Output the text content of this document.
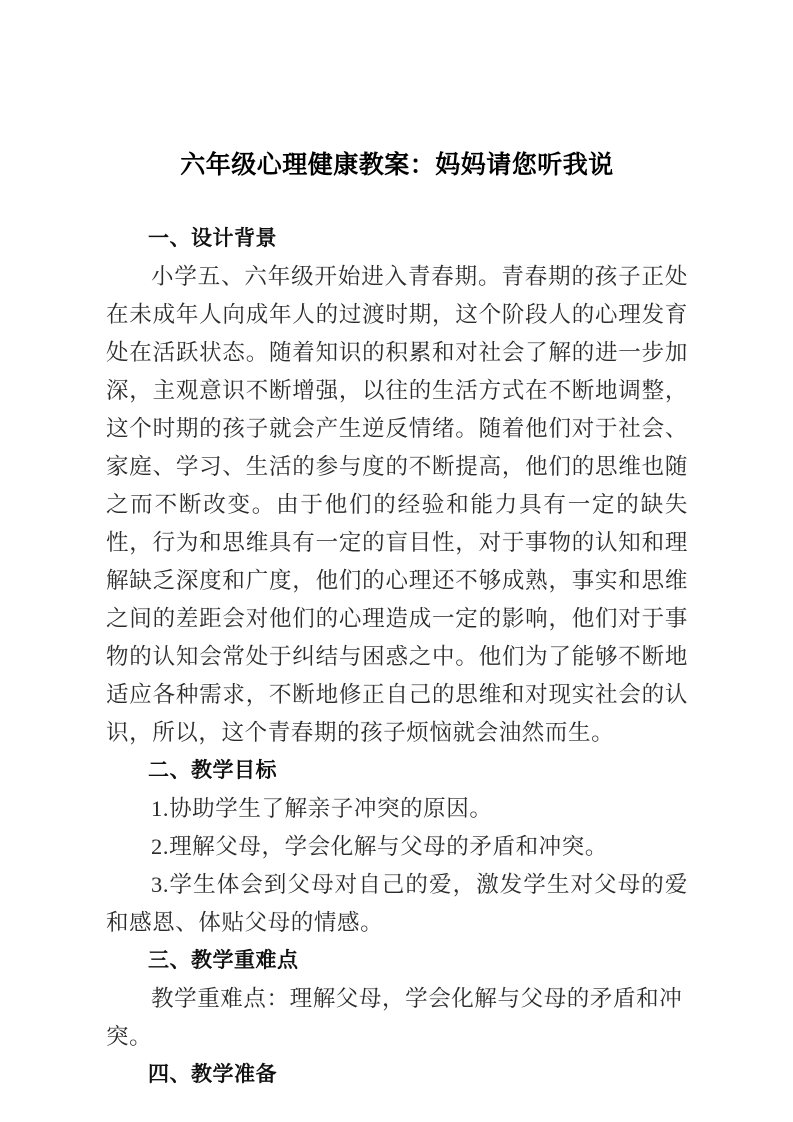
六年级心理健康教案：妈妈请您听我说
一、设计背景

小学五、六年级开始进入青春期。青春期的孩子正处在未成年人向成年人的过渡时期，这个阶段人的心理发育处在活跃状态。随着知识的积累和对社会了解的进一步加深，主观意识不断增强，以往的生活方式在不断地调整，这个时期的孩子就会产生逆反情绪。随着他们对于社会、家庭、学习、生活的参与度的不断提高，他们的思维也随之而不断改变。由于他们的经验和能力具有一定的缺失性，行为和思维具有一定的盲目性，对于事物的认知和理解缺乏深度和广度，他们的心理还不够成熟，事实和思维之间的差距会对他们的心理造成一定的影响，他们对于事物的认知会常处于纠结与困惑之中。他们为了能够不断地适应各种需求，不断地修正自己的思维和对现实社会的认识，所以，这个青春期的孩子烦恼就会油然而生。

二、教学目标

1.协助学生了解亲子冲突的原因。

2.理解父母，学会化解与父母的矛盾和冲突。

3.学生体会到父母对自己的爱，激发学生对父母的爱和感恩、体贴父母的情感。

三、教学重难点

教学重难点：理解父母，学会化解与父母的矛盾和冲突。

四、教学准备
